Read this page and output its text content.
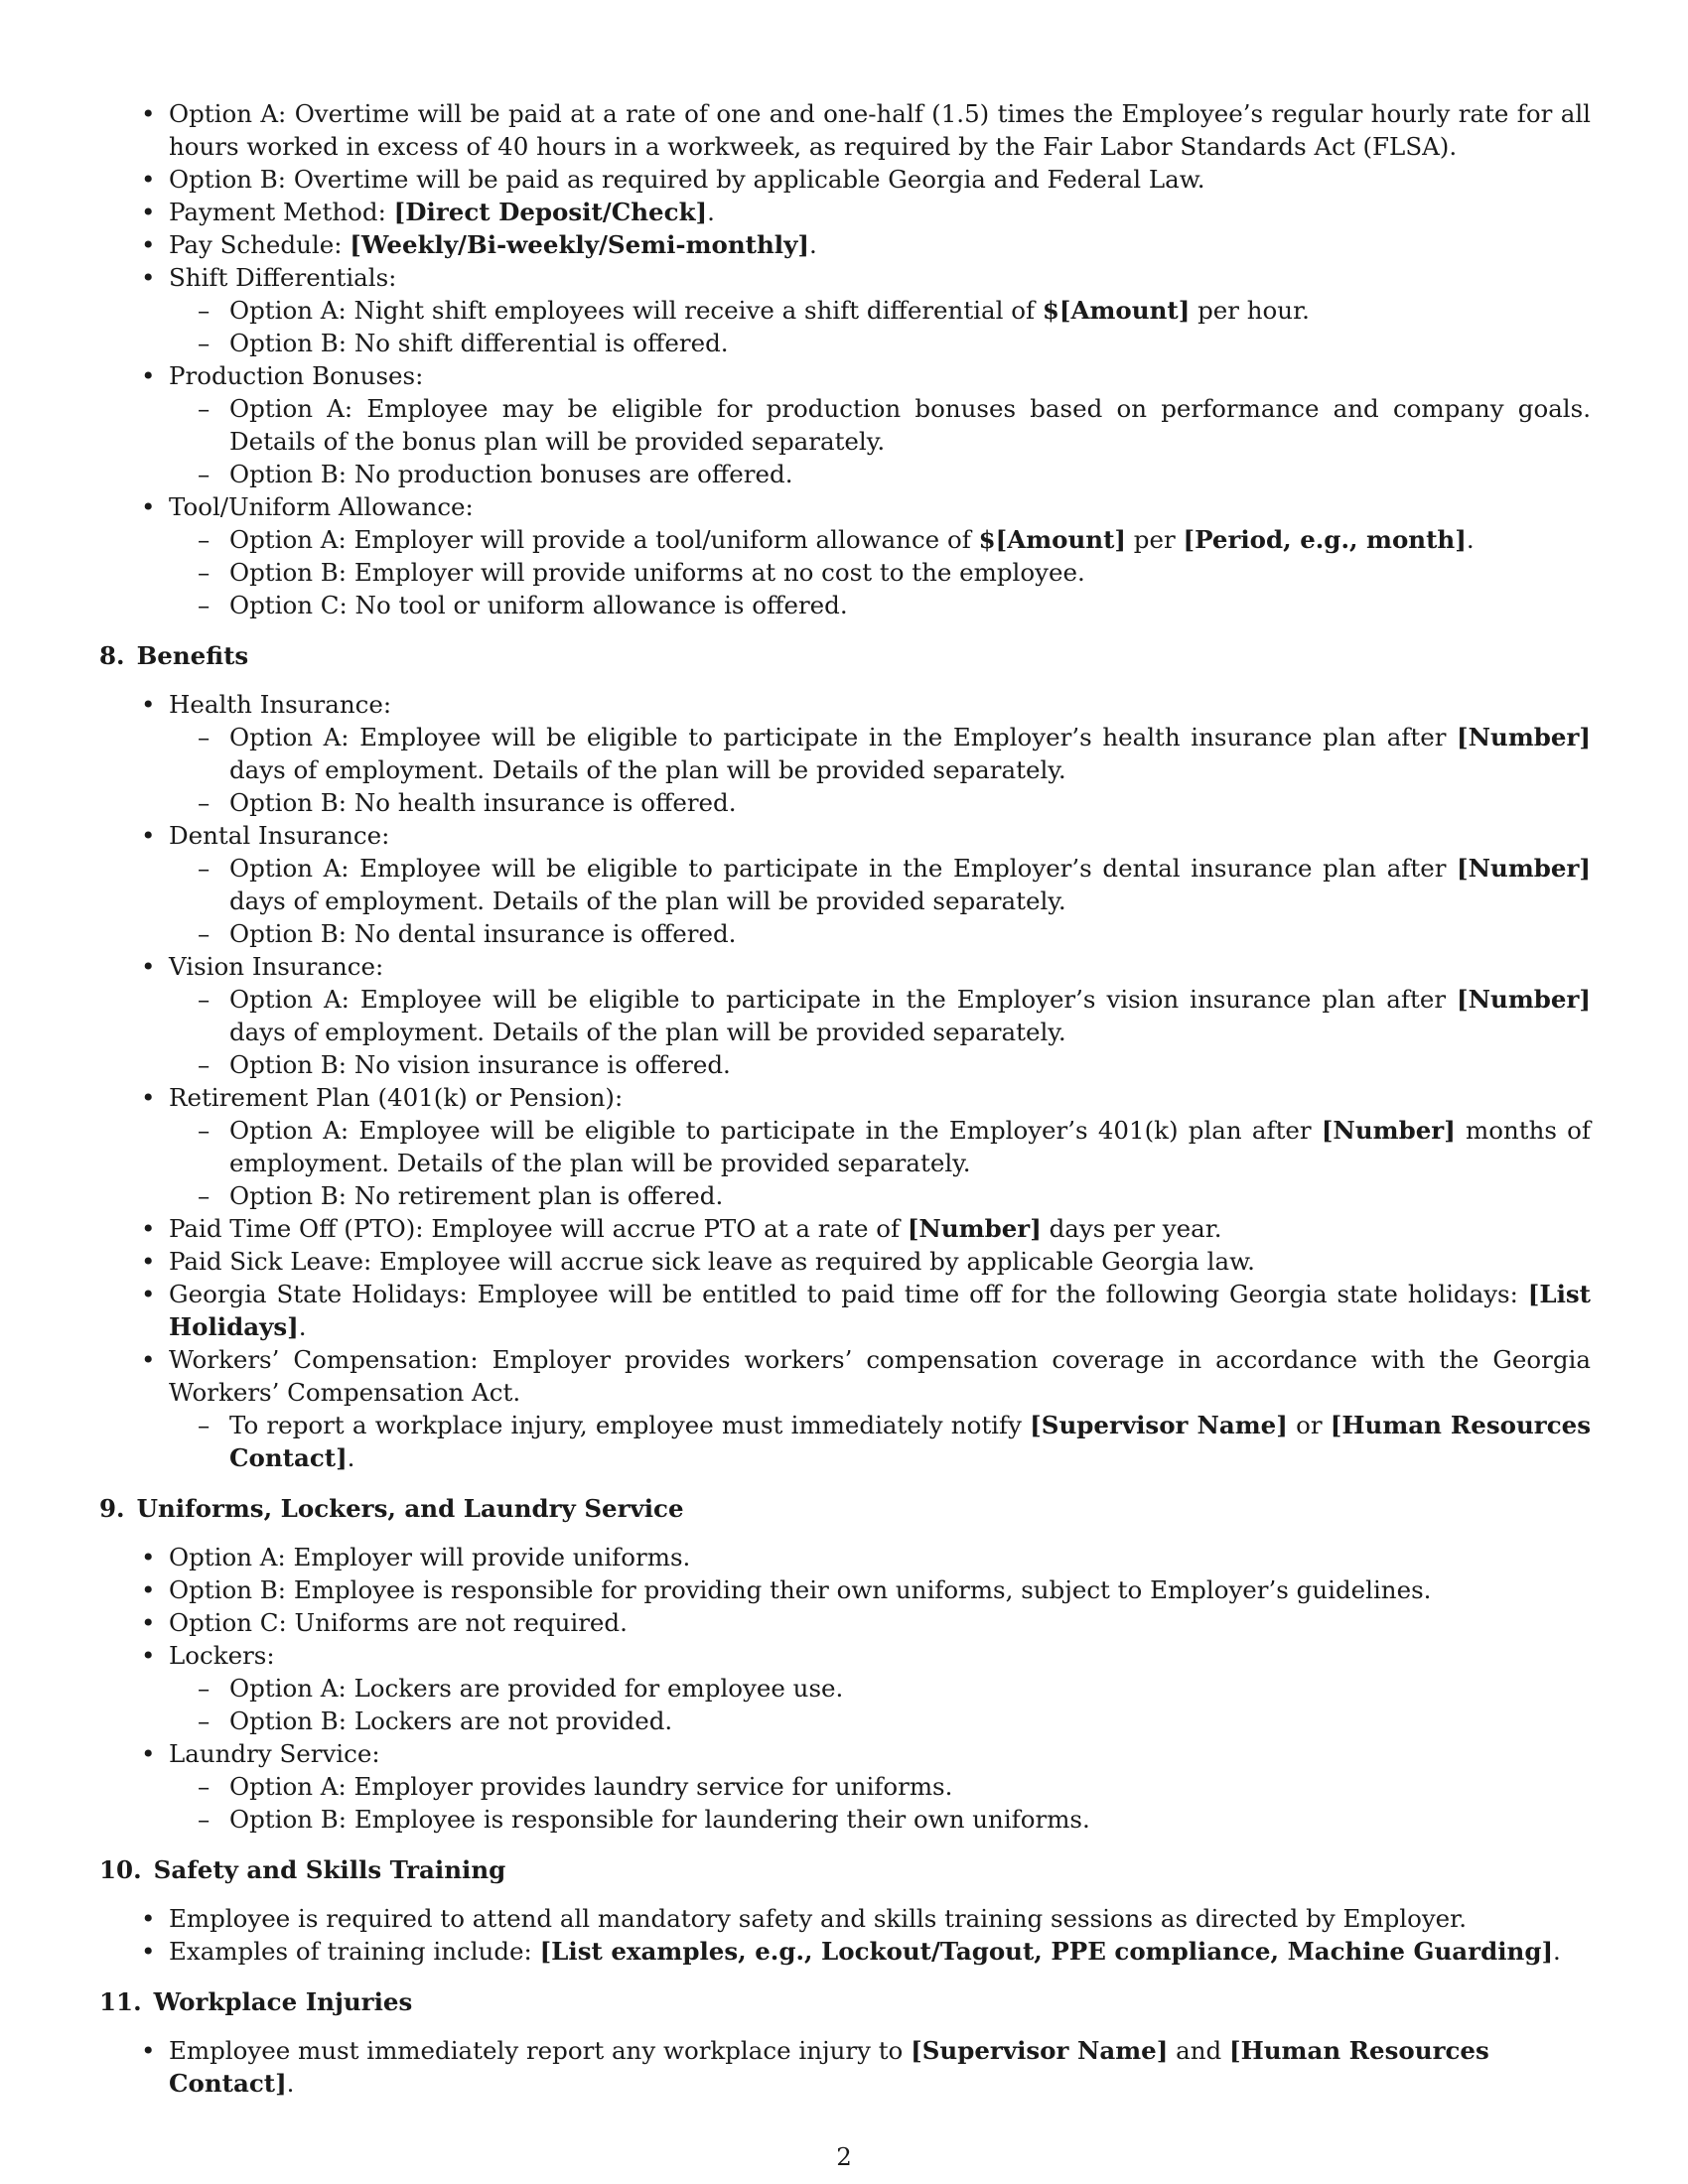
• Option A: Overtime will be paid at a rate of one and one-half (1.5) times the Employee’s regular hourly rate for all hours worked in excess of 40 hours in a workweek, as required by the Fair Labor Standards Act (FLSA).
• Option B: Overtime will be paid as required by applicable Georgia and Federal Law.
• Payment Method: [Direct Deposit/Check].
• Pay Schedule: [Weekly/Bi-weekly/Semi-monthly].
• Shift Differentials:
– Option A: Night shift employees will receive a shift differential of $[Amount] per hour.
– Option B: No shift differential is offered.
• Production Bonuses:
– Option A: Employee may be eligible for production bonuses based on performance and company goals. Details of the bonus plan will be provided separately.
– Option B: No production bonuses are offered.
• Tool/Uniform Allowance:
– Option A: Employer will provide a tool/uniform allowance of $[Amount] per [Period, e.g., month].
– Option B: Employer will provide uniforms at no cost to the employee.
– Option C: No tool or uniform allowance is offered.
8. Benefits
• Health Insurance:
– Option A: Employee will be eligible to participate in the Employer’s health insurance plan after [Number] days of employment. Details of the plan will be provided separately.
– Option B: No health insurance is offered.
• Dental Insurance:
– Option A: Employee will be eligible to participate in the Employer’s dental insurance plan after [Number] days of employment. Details of the plan will be provided separately.
– Option B: No dental insurance is offered.
• Vision Insurance:
– Option A: Employee will be eligible to participate in the Employer’s vision insurance plan after [Number] days of employment. Details of the plan will be provided separately.
– Option B: No vision insurance is offered.
• Retirement Plan (401(k) or Pension):
– Option A: Employee will be eligible to participate in the Employer’s 401(k) plan after [Number] months of employment. Details of the plan will be provided separately.
– Option B: No retirement plan is offered.
• Paid Time Off (PTO): Employee will accrue PTO at a rate of [Number] days per year.
• Paid Sick Leave: Employee will accrue sick leave as required by applicable Georgia law.
• Georgia State Holidays: Employee will be entitled to paid time off for the following Georgia state holidays: [List Holidays].
• Workers’ Compensation: Employer provides workers’ compensation coverage in accordance with the Georgia Workers’ Compensation Act.
– To report a workplace injury, employee must immediately notify [Supervisor Name] or [Human Resources Contact].
9. Uniforms, Lockers, and Laundry Service
• Option A: Employer will provide uniforms.
• Option B: Employee is responsible for providing their own uniforms, subject to Employer’s guidelines.
• Option C: Uniforms are not required.
• Lockers:
– Option A: Lockers are provided for employee use.
– Option B: Lockers are not provided.
• Laundry Service:
– Option A: Employer provides laundry service for uniforms.
– Option B: Employee is responsible for laundering their own uniforms.
10. Safety and Skills Training
• Employee is required to attend all mandatory safety and skills training sessions as directed by Employer.
• Examples of training include: [List examples, e.g., Lockout/Tagout, PPE compliance, Machine Guarding].
11. Workplace Injuries
• Employee must immediately report any workplace injury to [Supervisor Name] and [Human Resources Contact].
2
